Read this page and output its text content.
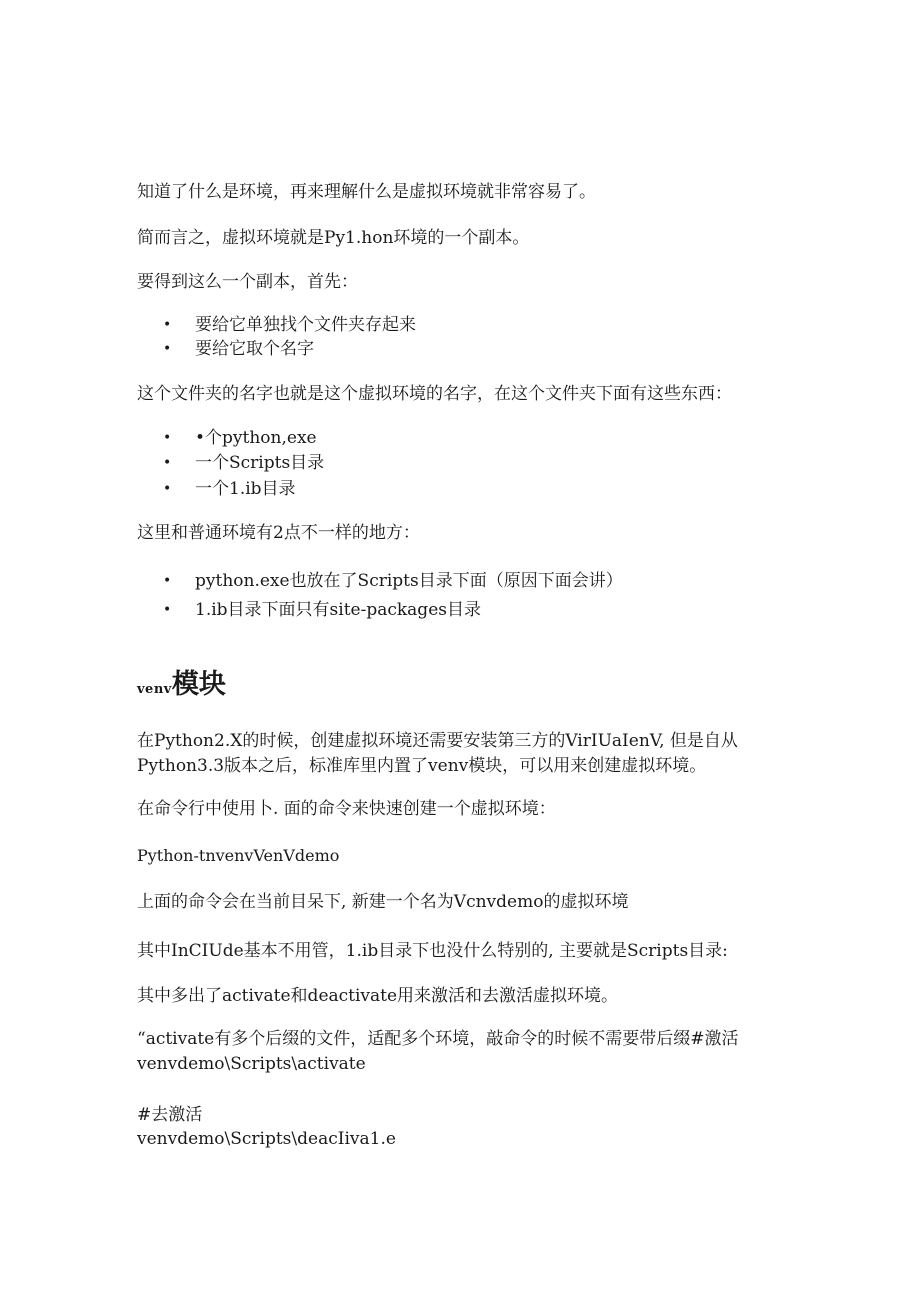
知道了什么是环境，再来理解什么是虚拟环境就非常容易了。
简而言之，虚拟环境就是Py1.hon环境的一个副本。
要得到这么一个副本，首先：
• 要给它单独找个文件夹存起来
• 要给它取个名字
这个文件夹的名字也就是这个虚拟环境的名字，在这个文件夹下面有这些东西：
• •个python,exe
• 一个Scripts目录
• 一个1.ib目录
这里和普通环境有2点不一样的地方：
• python.exe也放在了Scripts目录下面（原因下面会讲）
• 1.ib目录下面只有site-packages目录
venv模块
在Python2.X的时候，创建虚拟环境还需要安装第三方的VirIUaIenV, 但是自从
Python3.3版本之后，标准库里内置了venv模块，可以用来创建虚拟环境。
在命令行中使用卜. 面的命令来快速创建一个虚拟环境：
Python-tnvenvVenVdemo
上面的命令会在当前目呆下, 新建一个名为Vcnvdemo的虚拟环境
其中InCIUde基本不用管，1.ib目录下也没什么特别的, 主要就是Scripts目录:
其中多出了activate和deactivate用来激活和去激活虚拟环境。
“activate有多个后缀的文件，适配多个环境，敲命令的时候不需要带后缀#激活
venvdemo\Scripts\activate
#去激活
venvdemo\Scripts\deacIiva1.e
